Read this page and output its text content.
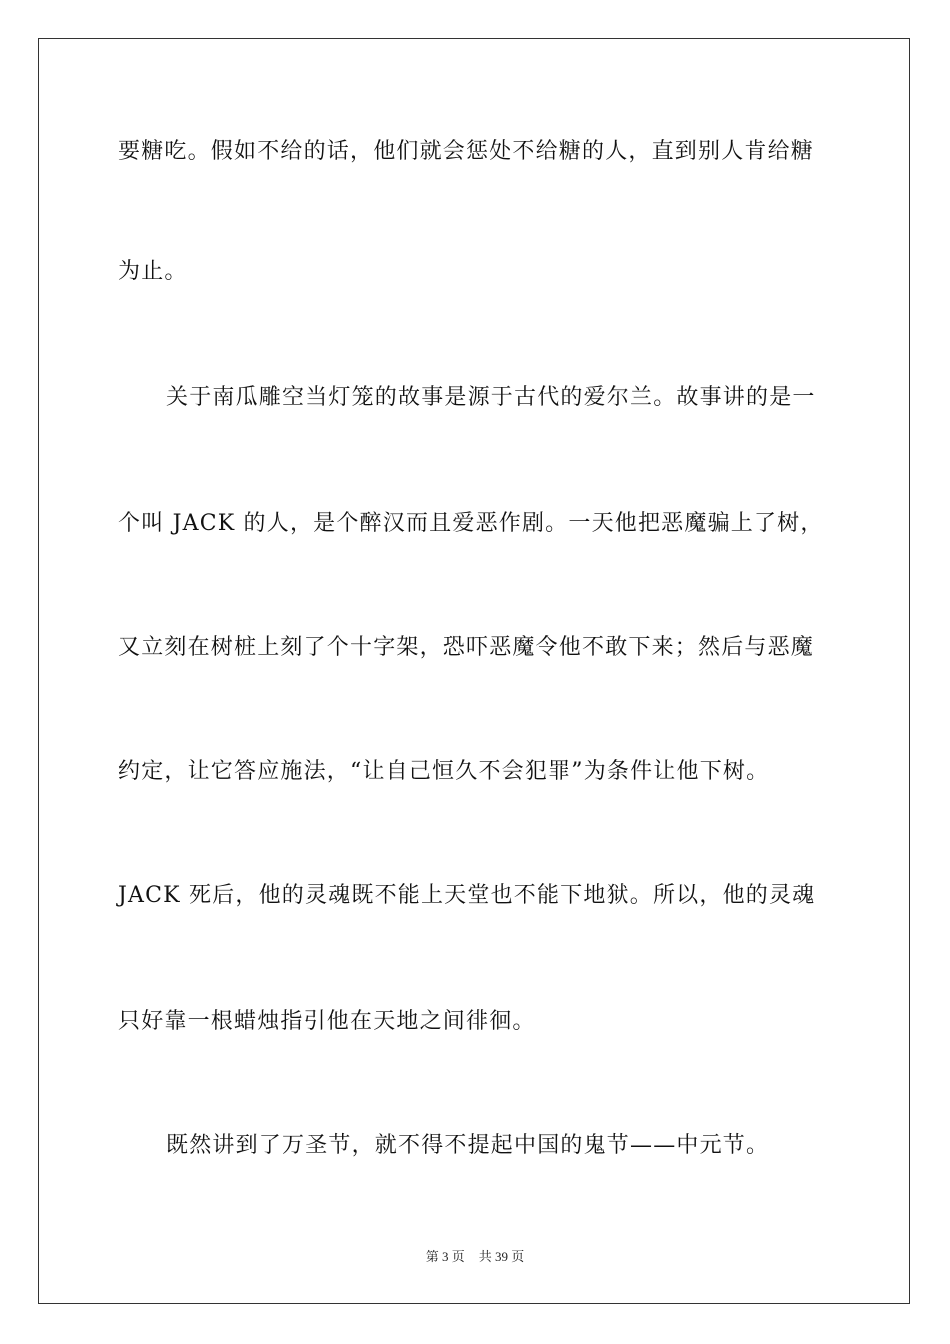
要糖吃。假如不给的话，他们就会惩处不给糖的人，直到别人肯给糖
为止。
关于南瓜雕空当灯笼的故事是源于古代的爱尔兰。故事讲的是一
个叫 JACK 的人，是个醉汉而且爱恶作剧。一天他把恶魔骗上了树，
又立刻在树桩上刻了个十字架，恐吓恶魔令他不敢下来；然后与恶魔
约定，让它答应施法，“让自己恒久不会犯罪”为条件让他下树。
JACK 死后，他的灵魂既不能上天堂也不能下地狱。所以，他的灵魂
只好靠一根蜡烛指引他在天地之间徘徊。
既然讲到了万圣节，就不得不提起中国的鬼节——中元节。
第 3 页 共 39 页
